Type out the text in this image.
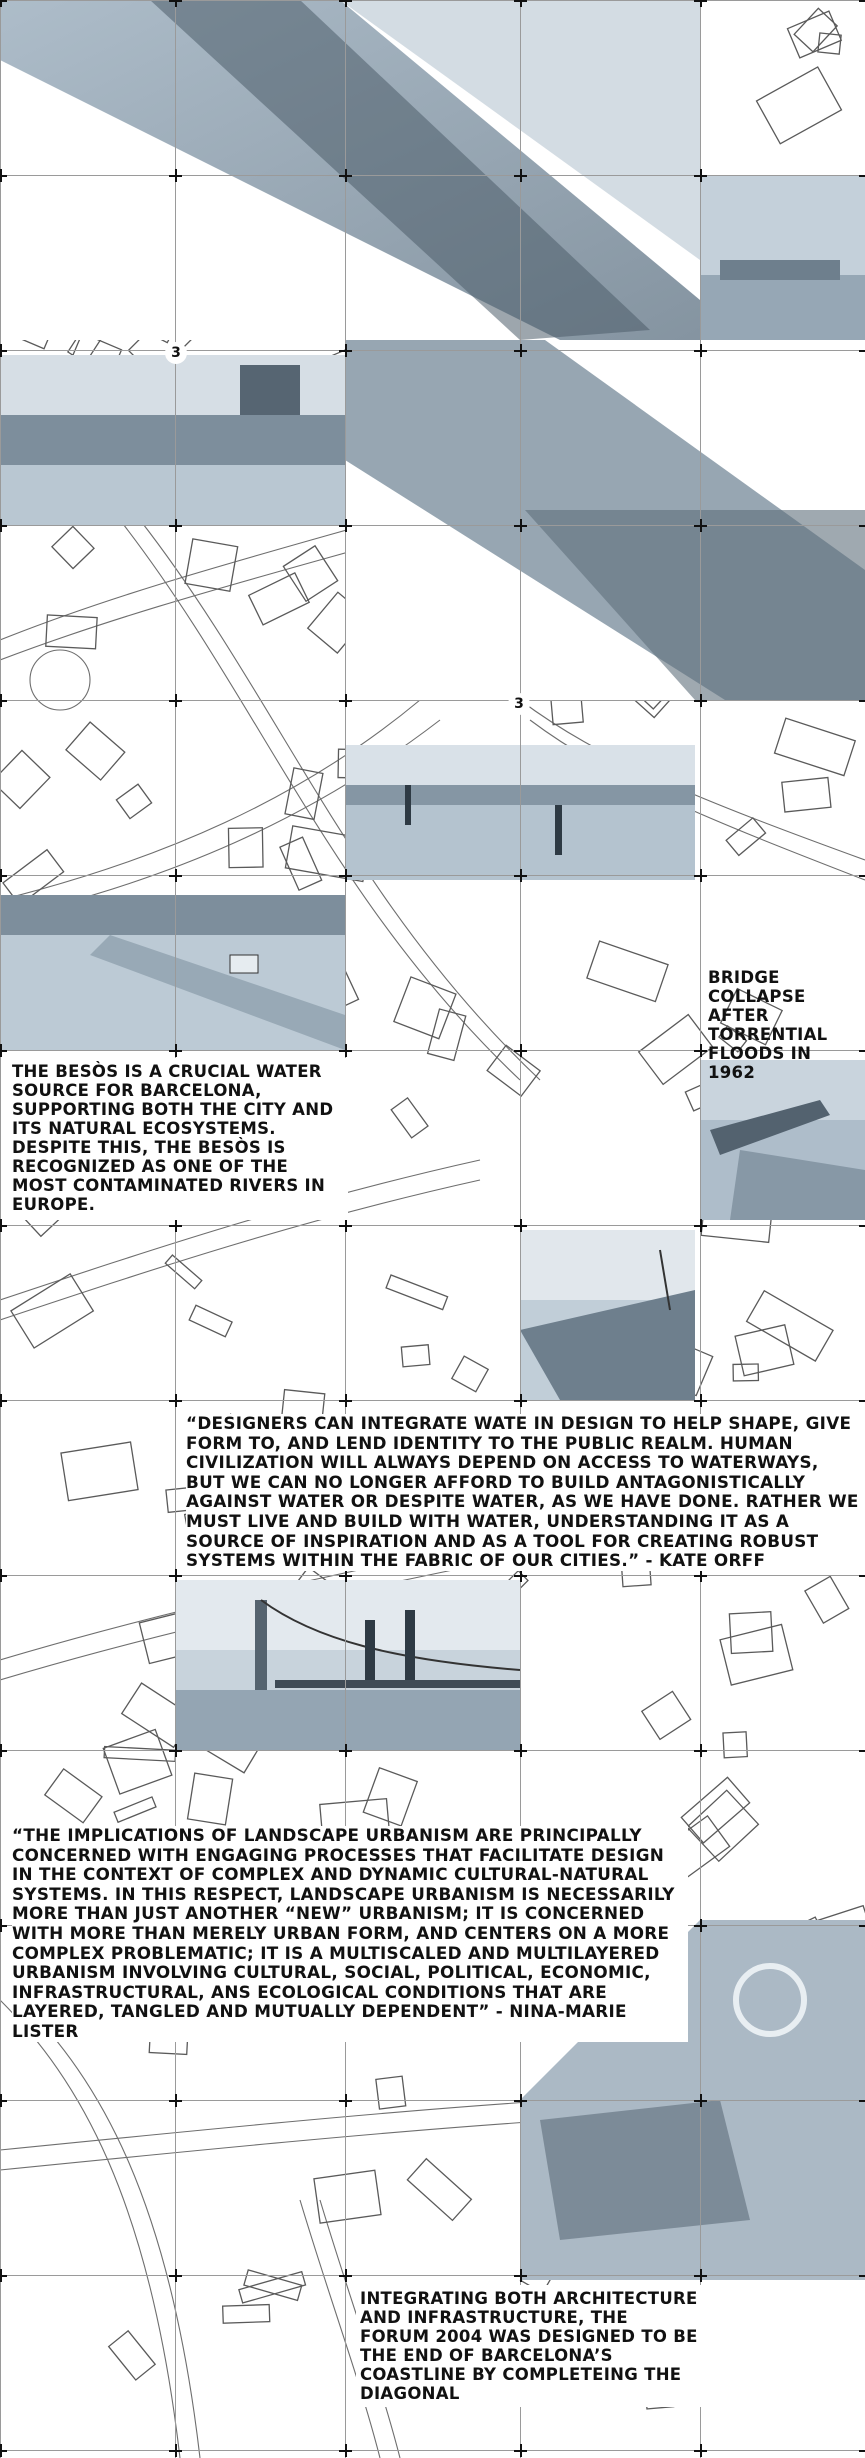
3
3
THE BESÒS IS A CRUCIAL WATER SOURCE FOR BARCELONA, SUPPORTING BOTH THE CITY AND ITS NATURAL ECOSYSTEMS. DESPITE THIS, THE BESÒS IS RECOGNIZED AS ONE OF THE MOST CONTAMINATED RIVERS IN EUROPE.
BRIDGE COLLAPSE AFTER TORRENTIAL FLOODS IN 1962
“DESIGNERS CAN INTEGRATE WATE IN DESIGN TO HELP SHAPE, GIVE FORM TO, AND LEND IDENTITY TO THE PUBLIC REALM. HUMAN CIVILIZATION WILL ALWAYS DEPEND ON ACCESS TO WATERWAYS, BUT WE CAN NO LONGER AFFORD TO BUILD ANTAGONISTICALLY AGAINST WATER OR DESPITE WATER, AS WE HAVE DONE. RATHER WE MUST LIVE AND BUILD WITH WATER, UNDERSTANDING IT AS A SOURCE OF INSPIRATION AND AS A TOOL FOR CREATING ROBUST SYSTEMS WITHIN THE FABRIC OF OUR CITIES.” - KATE ORFF
“THE IMPLICATIONS OF LANDSCAPE URBANISM ARE PRINCIPALLY CONCERNED WITH ENGAGING PROCESSES THAT FACILITATE DESIGN IN THE CONTEXT OF COMPLEX AND DYNAMIC CULTURAL-NATURAL SYSTEMS. IN THIS RESPECT, LANDSCAPE URBANISM IS NECESSARILY MORE THAN JUST ANOTHER “NEW” URBANISM; IT IS CONCERNED WITH MORE THAN MERELY URBAN FORM, AND CENTERS ON A MORE COMPLEX PROBLEMATIC; IT IS A MULTISCALED AND MULTILAYERED URBANISM INVOLVING CULTURAL, SOCIAL, POLITICAL, ECONOMIC, INFRASTRUCTURAL, ANS ECOLOGICAL CONDITIONS THAT ARE LAYERED, TANGLED AND MUTUALLY DEPENDENT” - NINA-MARIE LISTER
INTEGRATING BOTH ARCHITECTURE AND INFRASTRUCTURE, THE FORUM 2004 WAS DESIGNED TO BE THE END OF BARCELONA’S COASTLINE BY COMPLETEING THE DIAGONAL
